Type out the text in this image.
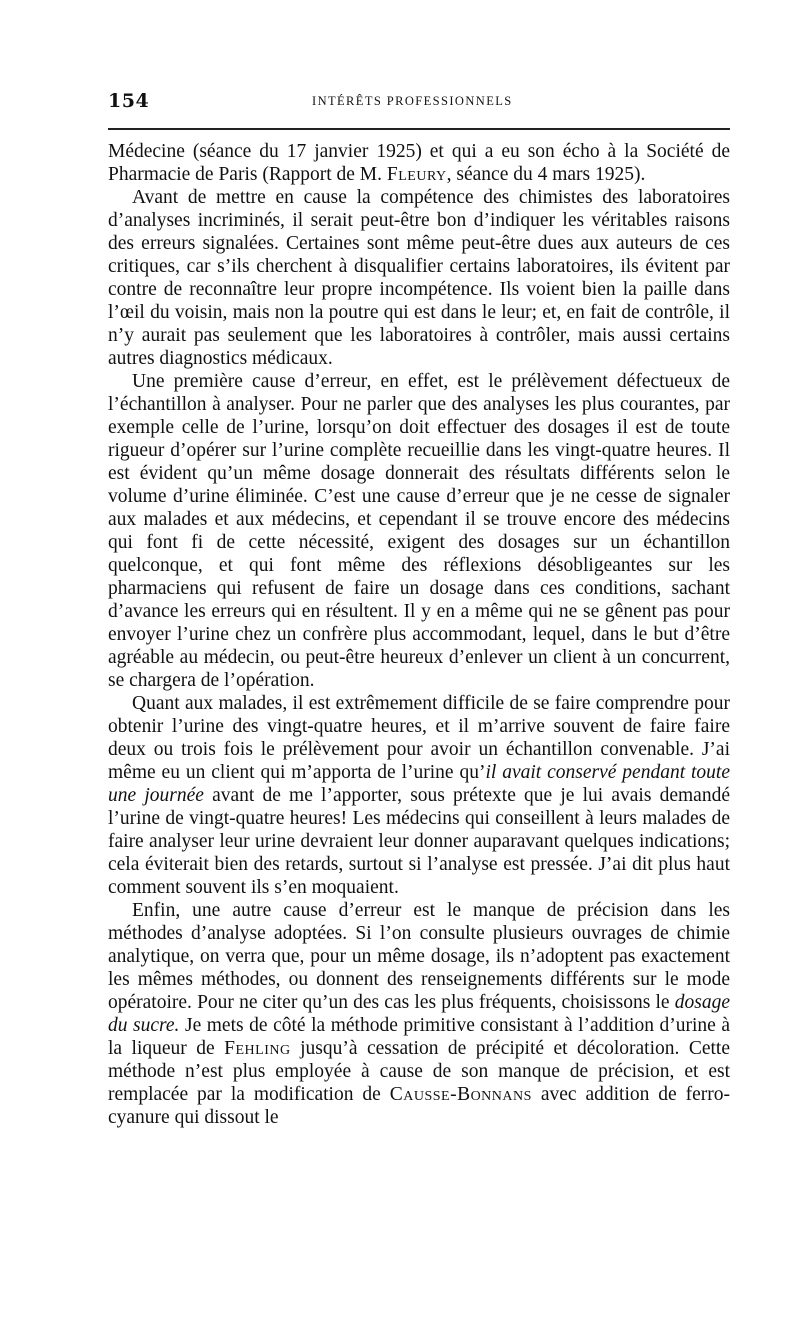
154	INTÉRÊTS PROFESSIONNELS

Médecine (séance du 17 janvier 1925) et qui a eu son écho à la Société de Pharmacie de Paris (Rapport de M. Fleury, séance du 4 mars 1925).

Avant de mettre en cause la compétence des chimistes des laboratoires d’analyses incriminés, il serait peut-être bon d’indiquer les véritables raisons des erreurs signalées. Certaines sont même peut-être dues aux auteurs de ces critiques, car s’ils cherchent à disqualifier certains laboratoires, ils évitent par contre de reconnaître leur propre incompétence. Ils voient bien la paille dans l’œil du voisin, mais non la poutre qui est dans le leur; et, en fait de contrôle, il n’y aurait pas seulement que les laboratoires à contrôler, mais aussi certains autres diagnostics médicaux.

Une première cause d’erreur, en effet, est le prélèvement défectueux de l’échantillon à analyser. Pour ne parler que des analyses les plus courantes, par exemple celle de l’urine, lorsqu’on doit effectuer des dosages il est de toute rigueur d’opérer sur l’urine complète recueillie dans les vingt-quatre heures. Il est évident qu’un même dosage donnerait des résultats différents selon le volume d’urine éliminée. C’est une cause d’erreur que je ne cesse de signaler aux malades et aux médecins, et cependant il se trouve encore des médecins qui font fi de cette nécessité, exigent des dosages sur un échantillon quelconque, et qui font même des réflexions désobligeantes sur les pharmaciens qui refusent de faire un dosage dans ces conditions, sachant d’avance les erreurs qui en résultent. Il y en a même qui ne se gênent pas pour envoyer l’urine chez un confrère plus accommodant, lequel, dans le but d’être agréable au médecin, ou peut-être heureux d’enlever un client à un concurrent, se chargera de l’opération.

Quant aux malades, il est extrêmement difficile de se faire comprendre pour obtenir l’urine des vingt-quatre heures, et il m’arrive souvent de faire faire deux ou trois fois le prélèvement pour avoir un échantillon convenable. J’ai même eu un client qui m’apporta de l’urine qu’il avait conservé pendant toute une journée avant de me l’apporter, sous prétexte que je lui avais demandé l’urine de vingt-quatre heures! Les médecins qui conseillent à leurs malades de faire analyser leur urine devraient leur donner auparavant quelques indications; cela éviterait bien des retards, surtout si l’analyse est pressée. J’ai dit plus haut comment souvent ils s’en moquaient.

Enfin, une autre cause d’erreur est le manque de précision dans les méthodes d’analyse adoptées. Si l’on consulte plusieurs ouvrages de chimie analytique, on verra que, pour un même dosage, ils n’adoptent pas exactement les mêmes méthodes, ou donnent des renseignements différents sur le mode opératoire. Pour ne citer qu’un des cas les plus fréquents, choisissons le dosage du sucre. Je mets de côté la méthode primitive consistant à l’addition d’urine à la liqueur de Fehling jusqu’à cessation de précipité et décoloration. Cette méthode n’est plus employée à cause de son manque de précision, et est remplacée par la modification de Causse-Bonnans avec addition de ferro-cyanure qui dissout le
